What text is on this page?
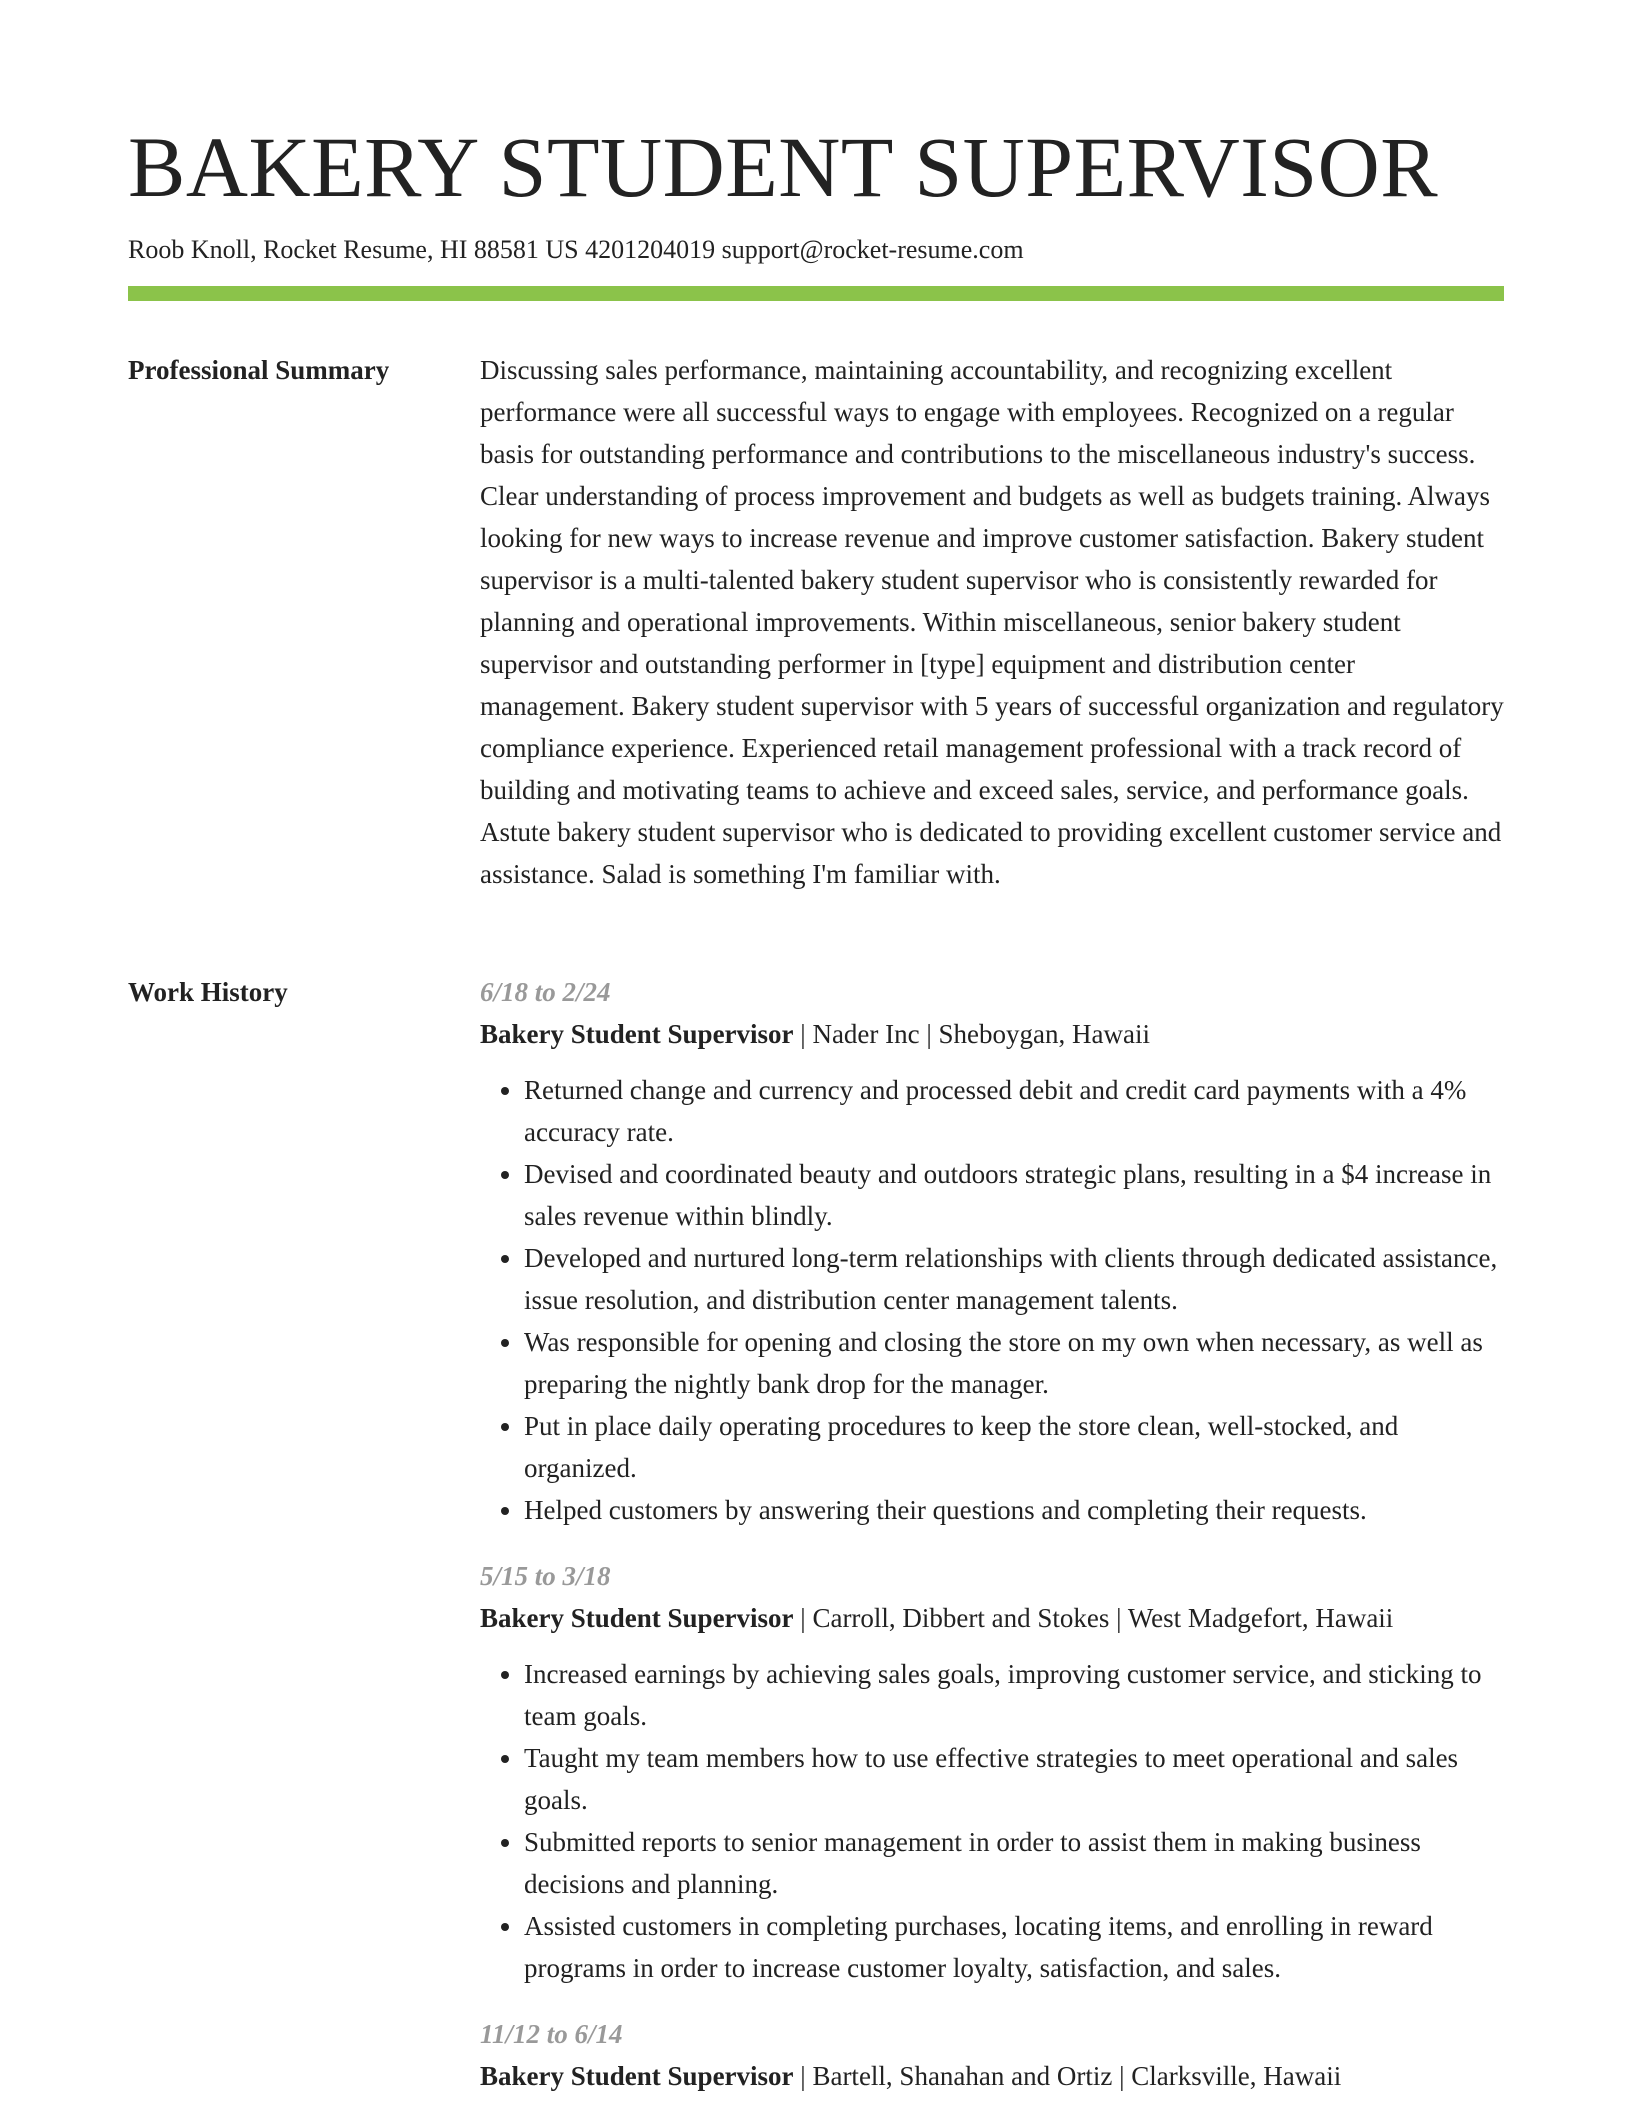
BAKERY STUDENT SUPERVISOR
Roob Knoll, Rocket Resume, HI 88581 US 4201204019 support@rocket-resume.com
Professional Summary	Discussing sales performance, maintaining accountability, and recognizing excellent performance were all successful ways to engage with employees. Recognized on a regular basis for outstanding performance and contributions to the miscellaneous industry's success. Clear understanding of process improvement and budgets as well as budgets training. Always looking for new ways to increase revenue and improve customer satisfaction. Bakery student supervisor is a multi-talented bakery student supervisor who is consistently rewarded for planning and operational improvements. Within miscellaneous, senior bakery student supervisor and outstanding performer in [type] equipment and distribution center management. Bakery student supervisor with 5 years of successful organization and regulatory compliance experience. Experienced retail management professional with a track record of building and motivating teams to achieve and exceed sales, service, and performance goals. Astute bakery student supervisor who is dedicated to providing excellent customer service and assistance. Salad is something I'm familiar with.

Work History	6/18 to 2/24
Bakery Student Supervisor | Nader Inc | Sheboygan, Hawaii
• Returned change and currency and processed debit and credit card payments with a 4% accuracy rate.
• Devised and coordinated beauty and outdoors strategic plans, resulting in a $4 increase in sales revenue within blindly.
• Developed and nurtured long-term relationships with clients through dedicated assistance, issue resolution, and distribution center management talents.
• Was responsible for opening and closing the store on my own when necessary, as well as preparing the nightly bank drop for the manager.
• Put in place daily operating procedures to keep the store clean, well-stocked, and organized.
• Helped customers by answering their questions and completing their requests.
5/15 to 3/18
Bakery Student Supervisor | Carroll, Dibbert and Stokes | West Madgefort, Hawaii
• Increased earnings by achieving sales goals, improving customer service, and sticking to team goals.
• Taught my team members how to use effective strategies to meet operational and sales goals.
• Submitted reports to senior management in order to assist them in making business decisions and planning.
• Assisted customers in completing purchases, locating items, and enrolling in reward programs in order to increase customer loyalty, satisfaction, and sales.
11/12 to 6/14
Bakery Student Supervisor | Bartell, Shanahan and Ortiz | Clarksville, Hawaii
